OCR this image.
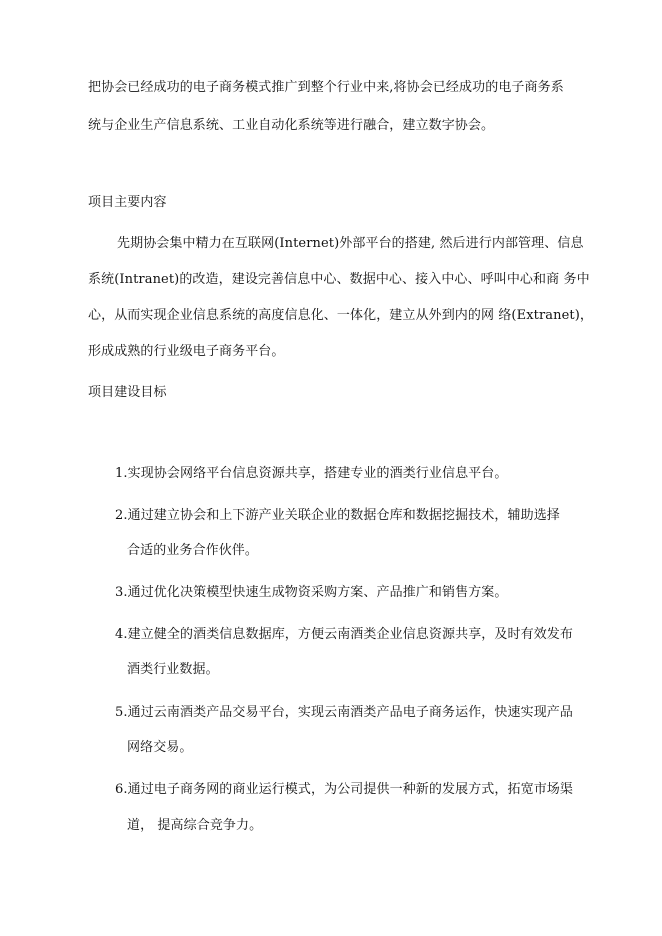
把协会已经成功的电子商务模式推广到整个行业中来,将协会已经成功的电子商务系
统与企业生产信息系统、工业自动化系统等进行融合，建立数字协会。
项目主要内容
先期协会集中精力在互联网(Internet)外部平台的搭建, 然后进行内部管理、信息
系统(Intranet)的改造，建设完善信息中心、数据中心、接入中心、呼叫中心和商 务中
心，从而实现企业信息系统的高度信息化、一体化，建立从外到内的网 络(Extranet)，
形成成熟的行业级电子商务平台。
项目建设目标
1.实现协会网络平台信息资源共享，搭建专业的酒类行业信息平台。
2.通过建立协会和上下游产业关联企业的数据仓库和数据挖掘技术，辅助选择
合适的业务合作伙伴。
3.通过优化决策模型快速生成物资采购方案、产品推广和销售方案。
4.建立健全的酒类信息数据库，方便云南酒类企业信息资源共享，及时有效发布
酒类行业数据。
5.通过云南酒类产品交易平台，实现云南酒类产品电子商务运作，快速实现产品
网络交易。
6.通过电子商务网的商业运行模式，为公司提供一种新的发展方式，拓宽市场渠
道， 提高综合竞争力。
